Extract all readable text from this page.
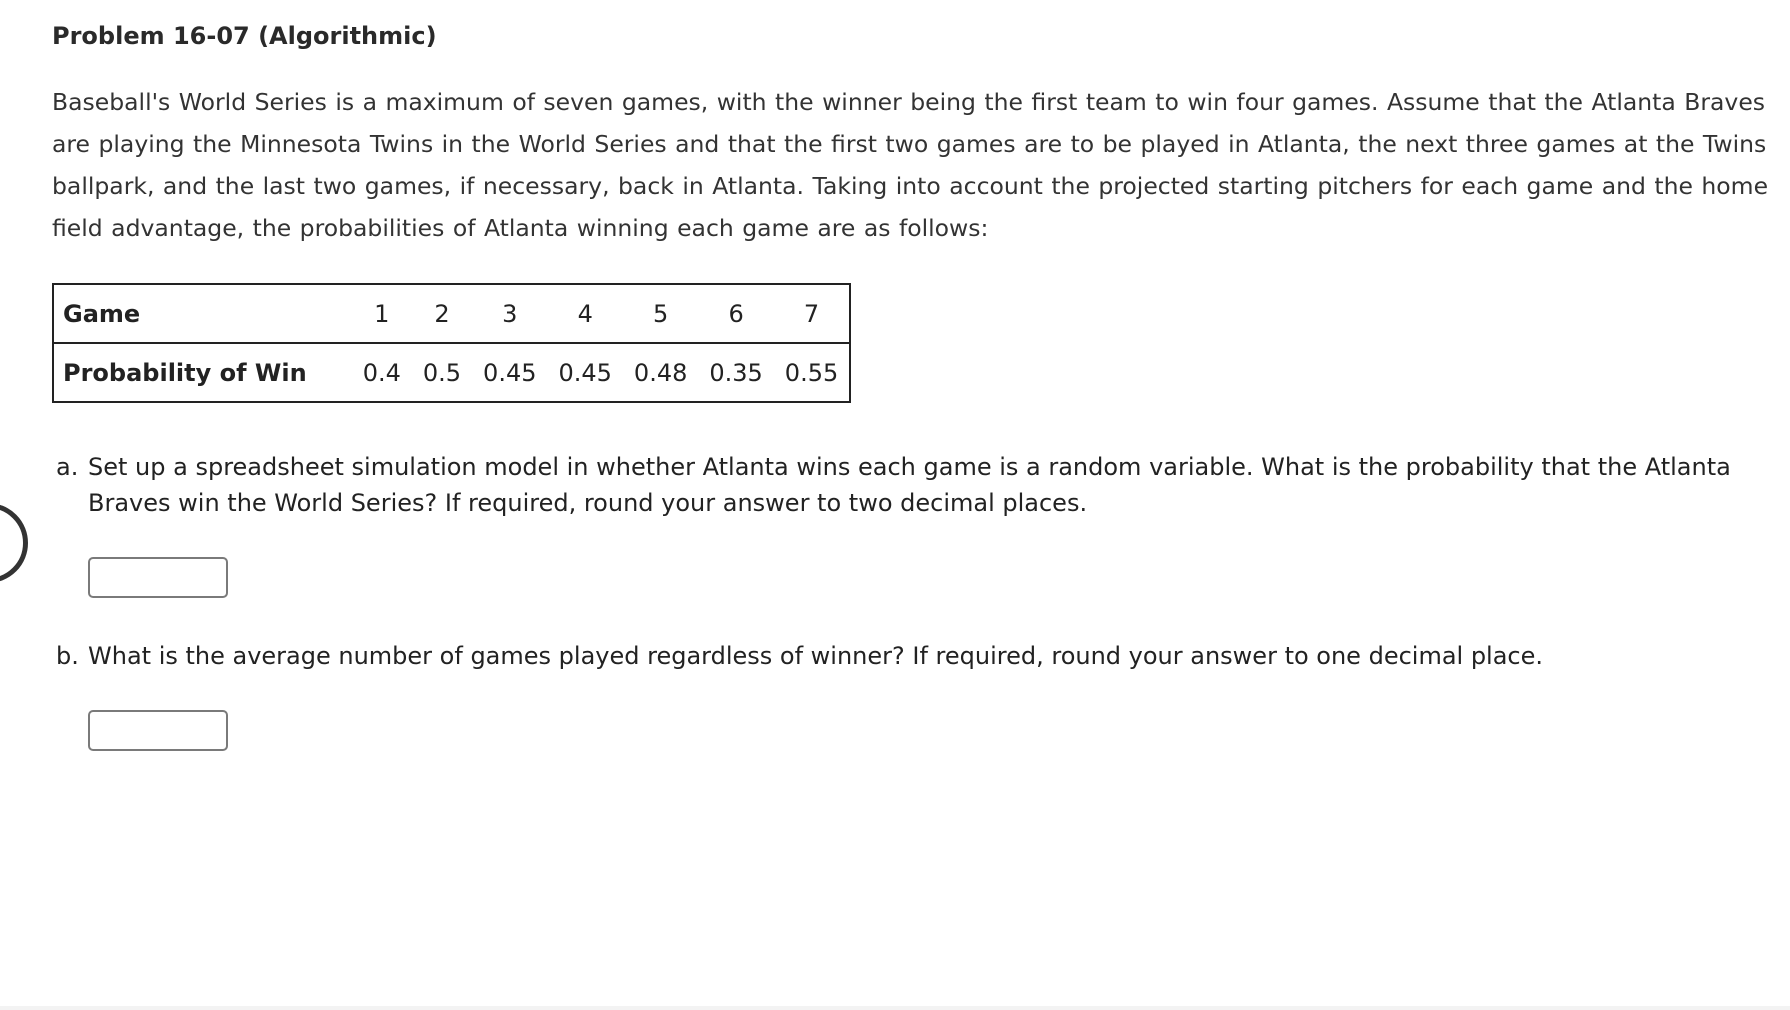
Problem 16-07 (Algorithmic)
Baseball's World Series is a maximum of seven games, with the winner being the first team to win four games. Assume that the Atlanta Braves
are playing the Minnesota Twins in the World Series and that the first two games are to be played in Atlanta, the next three games at the Twins
ballpark, and the last two games, if necessary, back in Atlanta. Taking into account the projected starting pitchers for each game and the home
field advantage, the probabilities of Atlanta winning each game are as follows:
Game	1	2	3	4	5	6	7
Probability of Win	0.4	0.5	0.45	0.45	0.48	0.35	0.55
a. Set up a spreadsheet simulation model in whether Atlanta wins each game is a random variable. What is the probability that the Atlanta
Braves win the World Series? If required, round your answer to two decimal places.
b. What is the average number of games played regardless of winner? If required, round your answer to one decimal place.
